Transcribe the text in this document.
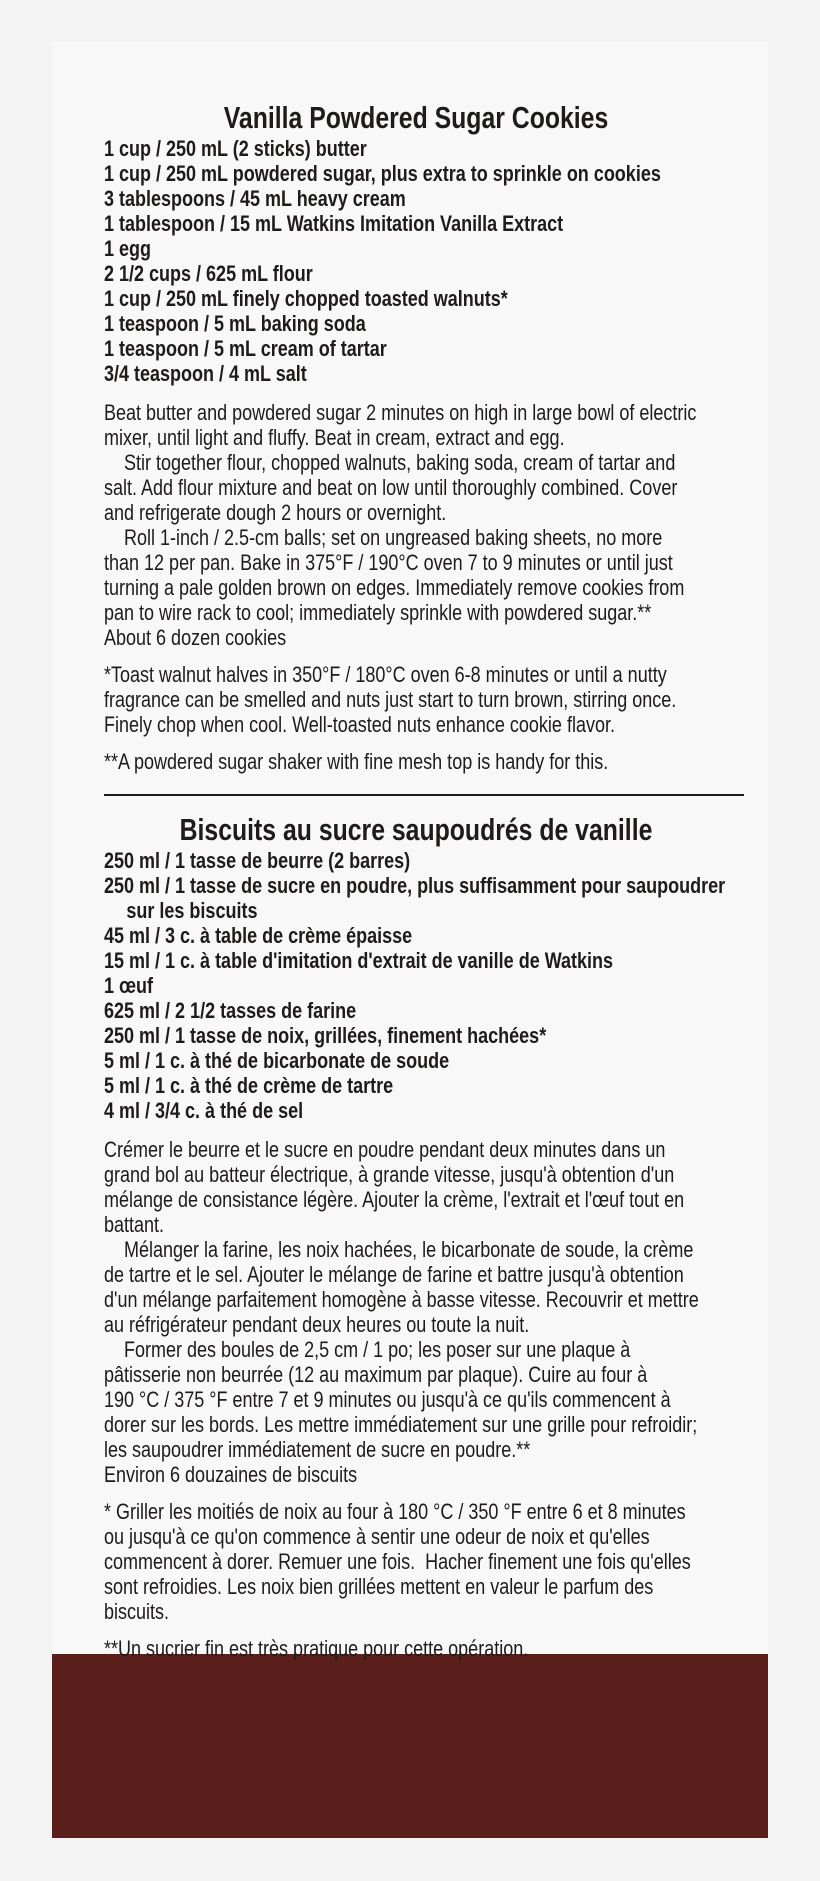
Vanilla Powdered Sugar Cookies
1 cup / 250 mL (2 sticks) butter
1 cup / 250 mL powdered sugar, plus extra to sprinkle on cookies
3 tablespoons / 45 mL heavy cream
1 tablespoon / 15 mL Watkins Imitation Vanilla Extract
1 egg
2 1/2 cups / 625 mL flour
1 cup / 250 mL finely chopped toasted walnuts*
1 teaspoon / 5 mL baking soda
1 teaspoon / 5 mL cream of tartar
3/4 teaspoon / 4 mL salt
Beat butter and powdered sugar 2 minutes on high in large bowl of electric
mixer, until light and fluffy. Beat in cream, extract and egg.
Stir together flour, chopped walnuts, baking soda, cream of tartar and
salt. Add flour mixture and beat on low until thoroughly combined. Cover
and refrigerate dough 2 hours or overnight.
Roll 1-inch / 2.5-cm balls; set on ungreased baking sheets, no more
than 12 per pan. Bake in 375°F / 190°C oven 7 to 9 minutes or until just
turning a pale golden brown on edges. Immediately remove cookies from
pan to wire rack to cool; immediately sprinkle with powdered sugar.**
About 6 dozen cookies
*Toast walnut halves in 350°F / 180°C oven 6-8 minutes or until a nutty
fragrance can be smelled and nuts just start to turn brown, stirring once.
Finely chop when cool. Well-toasted nuts enhance cookie flavor.
**A powdered sugar shaker with fine mesh top is handy for this.
Biscuits au sucre saupoudrés de vanille
250 ml / 1 tasse de beurre (2 barres)
250 ml / 1 tasse de sucre en poudre, plus suffisamment pour saupoudrer
sur les biscuits
45 ml / 3 c. à table de crème épaisse
15 ml / 1 c. à table d'imitation d'extrait de vanille de Watkins
1 œuf
625 ml / 2 1/2 tasses de farine
250 ml / 1 tasse de noix, grillées, finement hachées*
5 ml / 1 c. à thé de bicarbonate de soude
5 ml / 1 c. à thé de crème de tartre
4 ml / 3/4 c. à thé de sel
Crémer le beurre et le sucre en poudre pendant deux minutes dans un
grand bol au batteur électrique, à grande vitesse, jusqu'à obtention d'un
mélange de consistance légère. Ajouter la crème, l'extrait et l'œuf tout en
battant.
Mélanger la farine, les noix hachées, le bicarbonate de soude, la crème
de tartre et le sel. Ajouter le mélange de farine et battre jusqu'à obtention
d'un mélange parfaitement homogène à basse vitesse. Recouvrir et mettre
au réfrigérateur pendant deux heures ou toute la nuit.
Former des boules de 2,5 cm / 1 po; les poser sur une plaque à
pâtisserie non beurrée (12 au maximum par plaque). Cuire au four à
190 °C / 375 °F entre 7 et 9 minutes ou jusqu'à ce qu'ils commencent à
dorer sur les bords. Les mettre immédiatement sur une grille pour refroidir;
les saupoudrer immédiatement de sucre en poudre.**
Environ 6 douzaines de biscuits
* Griller les moitiés de noix au four à 180 °C / 350 °F entre 6 et 8 minutes
ou jusqu'à ce qu'on commence à sentir une odeur de noix et qu'elles
commencent à dorer. Remuer une fois.  Hacher finement une fois qu'elles
sont refroidies. Les noix bien grillées mettent en valeur le parfum des
biscuits.
**Un sucrier fin est très pratique pour cette opération.
